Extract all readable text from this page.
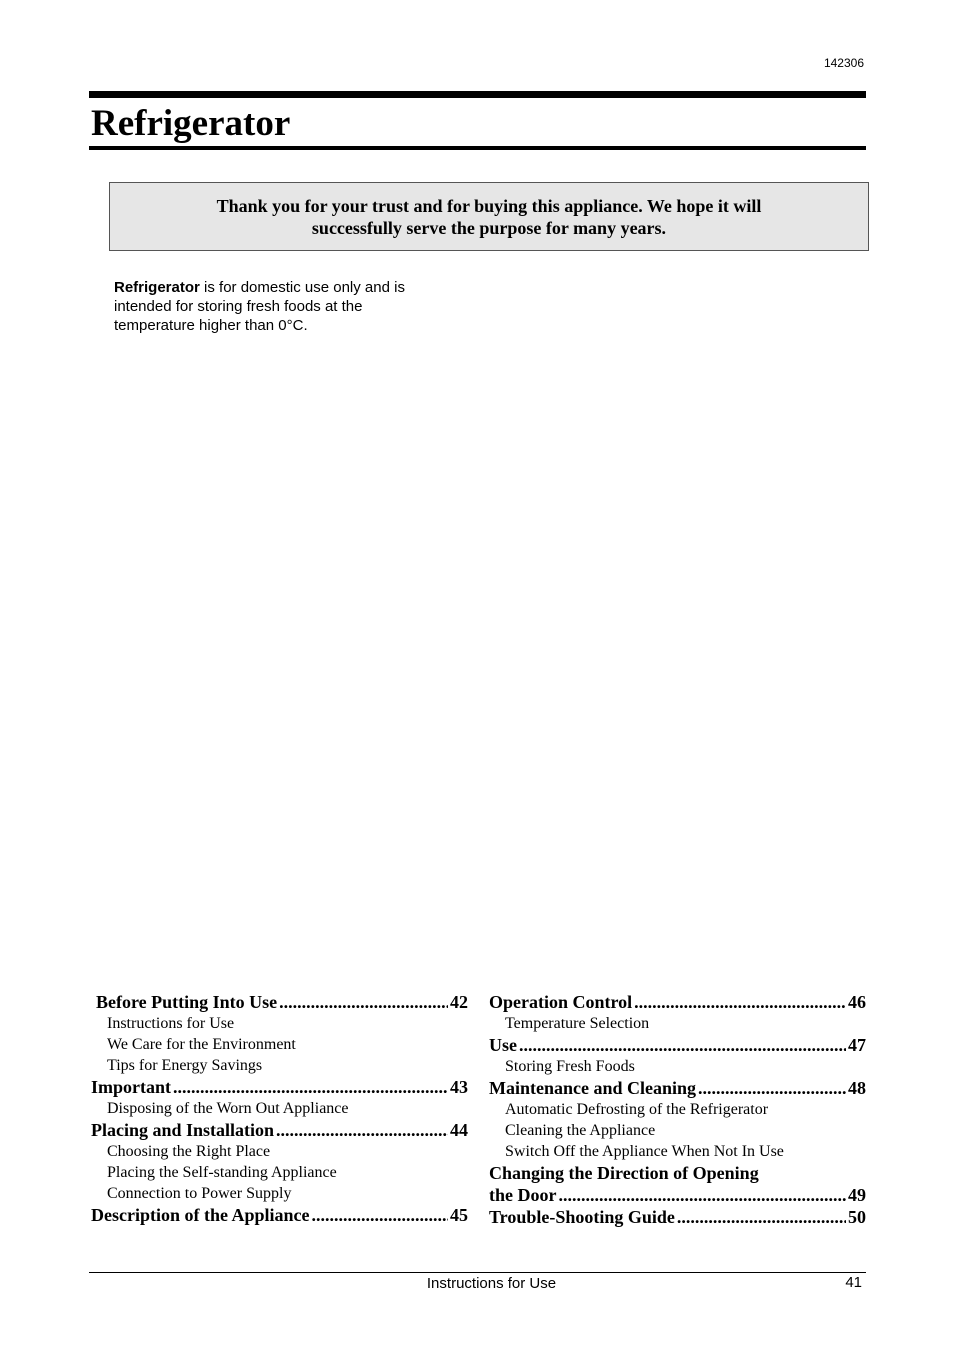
142306
Refrigerator
Thank you for your trust and for buying this appliance. We hope it will successfully serve the purpose for many years.
Refrigerator is for domestic use only and is intended for storing fresh foods at the temperature higher than 0°C.
Before Putting Into Use .....	42
Instructions for Use
We Care for the Environment
Tips for Energy Savings
Important .....	43
Disposing of the Worn Out Appliance
Placing and Installation .....	44
Choosing the Right Place
Placing the Self-standing Appliance
Connection to Power Supply
Description of the Appliance .....	45
Operation Control .....	46
Temperature Selection
Use .....	47
Storing Fresh Foods
Maintenance and Cleaning .....	48
Automatic Defrosting of the Refrigerator
Cleaning the Appliance
Switch Off the Appliance When Not In Use
Changing the Direction of Opening
the Door .....	49
Trouble-Shooting Guide .....	50
Instructions for Use	41
